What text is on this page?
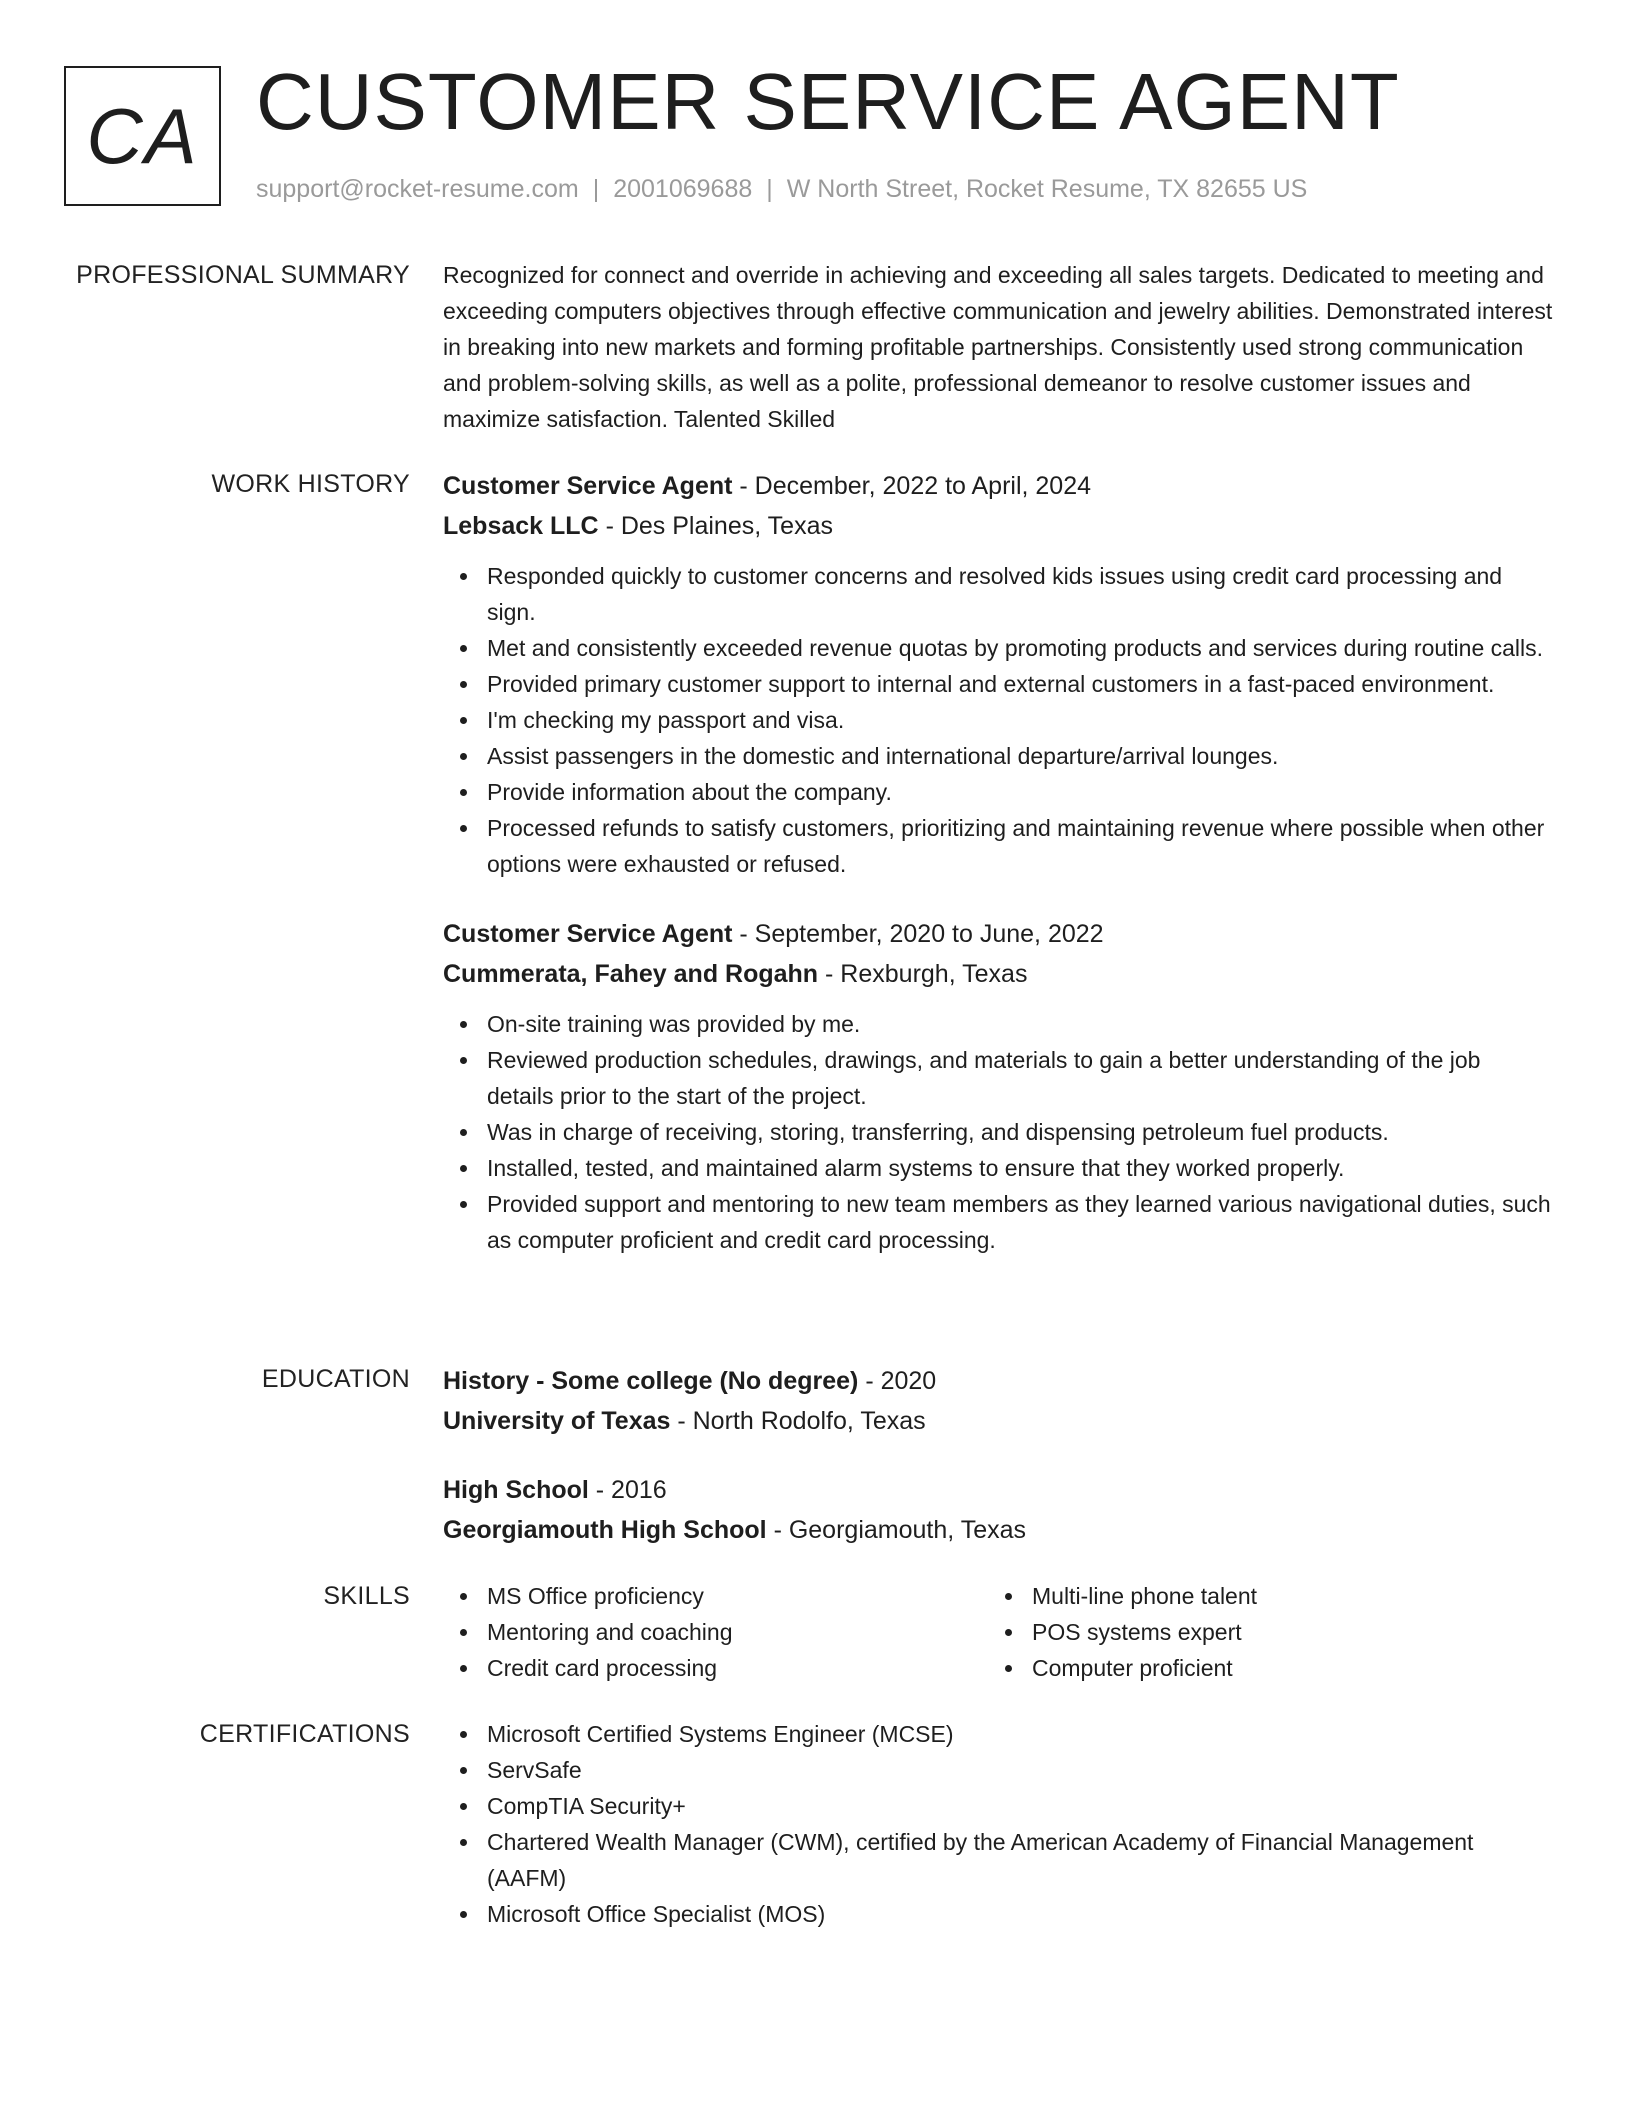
CA CUSTOMER SERVICE AGENT
support@rocket-resume.com | 2001069688 | W North Street, Rocket Resume, TX 82655 US
PROFESSIONAL SUMMARY Recognized for connect and override in achieving and exceeding all sales targets. Dedicated to meeting and exceeding computers objectives through effective communication and jewelry abilities. Demonstrated interest in breaking into new markets and forming profitable partnerships. Consistently used strong communication and problem-solving skills, as well as a polite, professional demeanor to resolve customer issues and maximize satisfaction. Talented Skilled

WORK HISTORY Customer Service Agent - December, 2022 to April, 2024

Lebsack LLC - Des Plaines, Texas

Responded quickly to customer concerns and resolved kids issues using credit card processing and sign.
Met and consistently exceeded revenue quotas by promoting products and services during routine calls.
Provided primary customer support to internal and external customers in a fast-paced environment.
I'm checking my passport and visa.
Assist passengers in the domestic and international departure/arrival lounges.
Provide information about the company.
Processed refunds to satisfy customers, prioritizing and maintaining revenue where possible when other options were exhausted or refused.

Customer Service Agent - September, 2020 to June, 2022

Cummerata, Fahey and Rogahn - Rexburgh, Texas

On-site training was provided by me.
Reviewed production schedules, drawings, and materials to gain a better understanding of the job details prior to the start of the project.
Was in charge of receiving, storing, transferring, and dispensing petroleum fuel products.
Installed, tested, and maintained alarm systems to ensure that they worked properly.
Provided support and mentoring to new team members as they learned various navigational duties, such as computer proficient and credit card processing.
EDUCATION History - Some college (No degree) - 2020

University of Texas - North Rodolfo, Texas

High School - 2016

Georgiamouth High School - Georgiamouth, Texas

SKILLS	MS Office proficiency
Mentoring and coaching
Credit card processing
Multi-line phone talent
POS systems expert
Computer proficient
CERTIFICATIONS	Microsoft Certified Systems Engineer (MCSE)
ServSafe
CompTIA Security+
Chartered Wealth Manager (CWM), certified by the American Academy of Financial Management (AAFM)
Microsoft Office Specialist (MOS)
